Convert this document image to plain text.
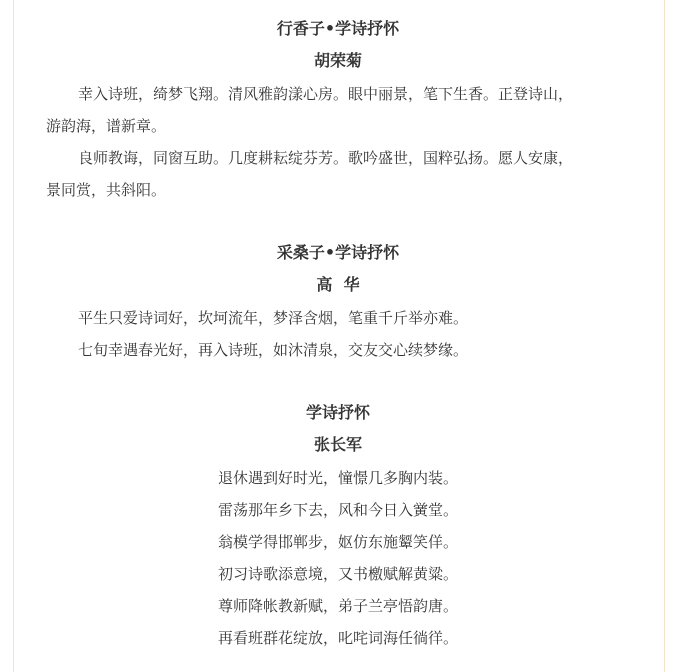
行香子•学诗抒怀
胡荣菊
幸入诗班，绮梦飞翔。清风雅韵漾心房。眼中丽景，笔下生香。正登诗山，
游韵海，谱新章。
良师教诲，同窗互助。几度耕耘绽芬芳。歌吟盛世，国粹弘扬。愿人安康，
景同赏，共斜阳。
采桑子•学诗抒怀
高  华
平生只爱诗词好，坎坷流年，梦泽含烟，笔重千斤举亦难。
七旬幸遇春光好，再入诗班，如沐清泉，交友交心续梦缘。
学诗抒怀
张长军
退休遇到好时光，憧憬几多胸内装。
雷荡那年乡下去，风和今日入黉堂。
翁模学得邯郸步，妪仿东施颦笑佯。
初习诗歌添意境，又书檄赋解黄粱。
尊师降帐教新赋，弟子兰亭悟韵唐。
再看班群花绽放，叱咤词海任徜徉。
